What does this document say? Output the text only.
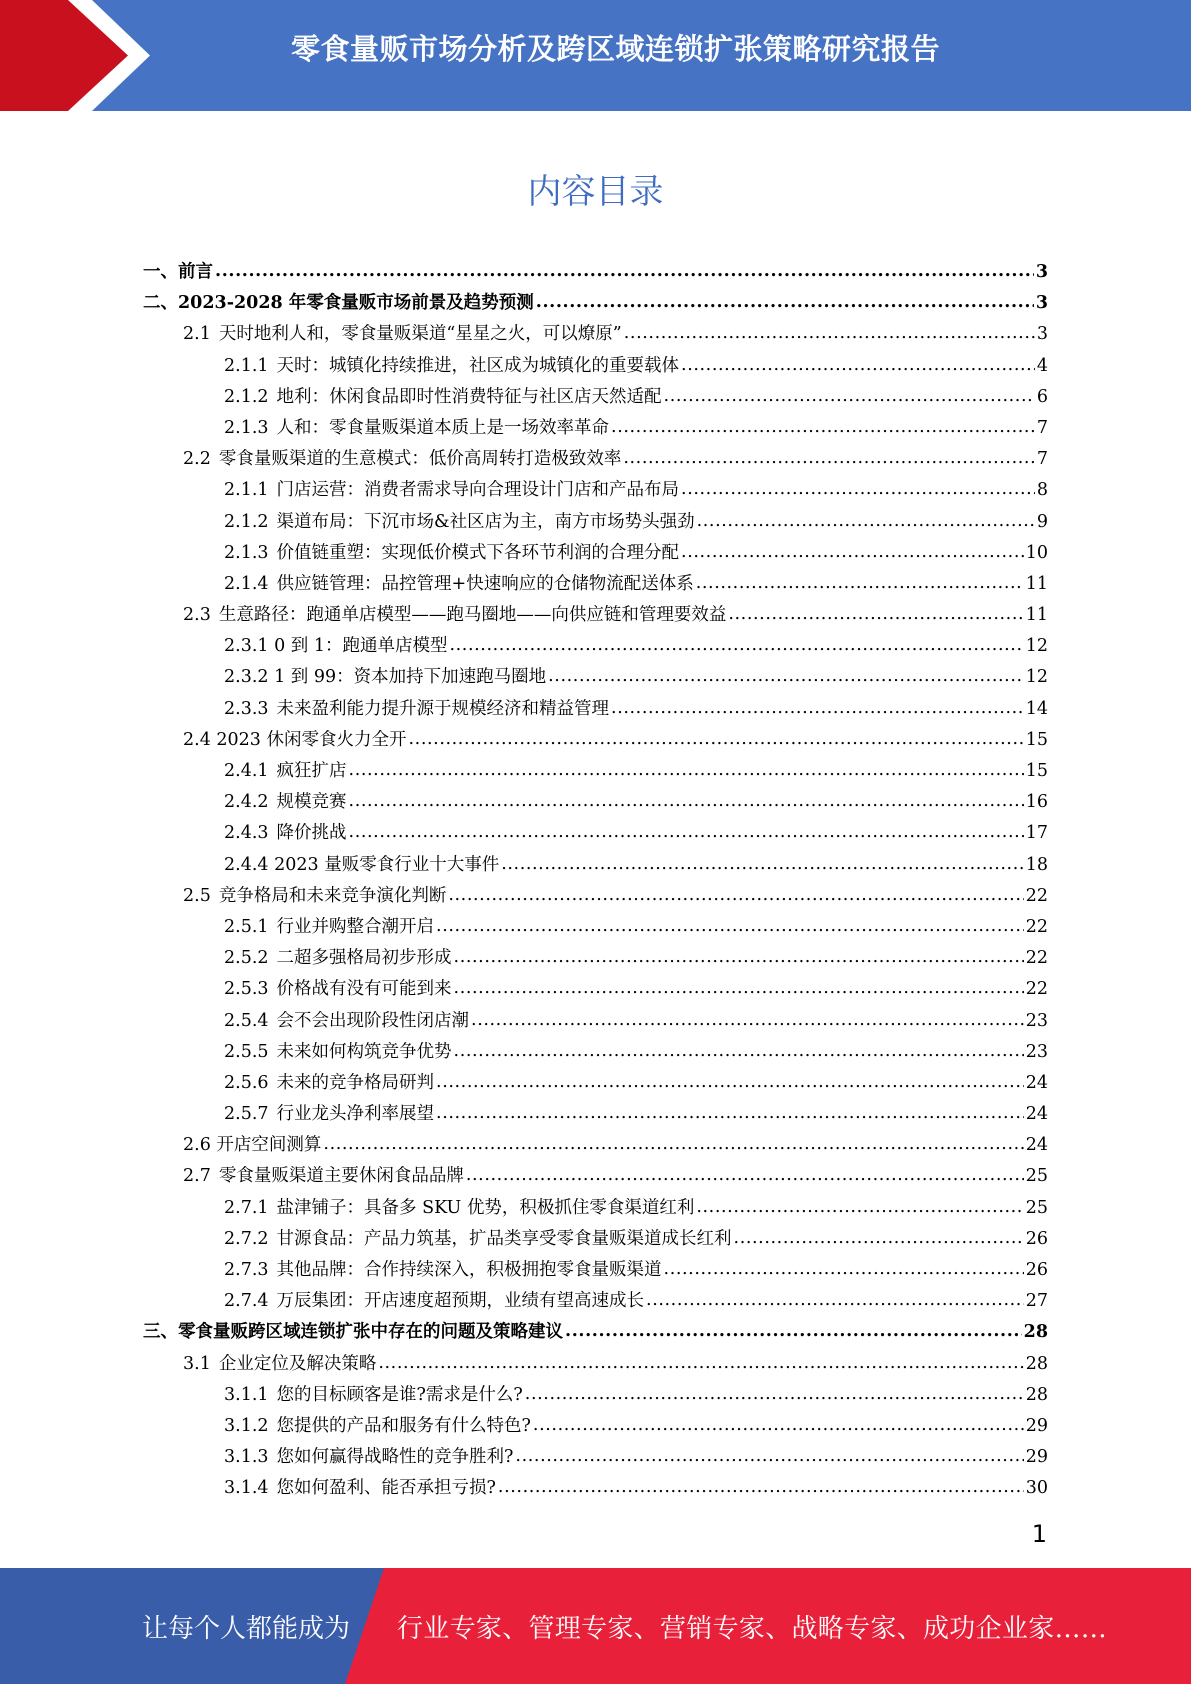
零食量贩市场分析及跨区域连锁扩张策略研究报告
内容目录
一、前言 .....	3
二、2023-2028 年零食量贩市场前景及趋势预测 .....	3
2.1 天时地利人和，零食量贩渠道“星星之火，可以燎原” .....	3
2.1.1 天时：城镇化持续推进，社区成为城镇化的重要载体 .....	4
2.1.2 地利：休闲食品即时性消费特征与社区店天然适配 .....	6
2.1.3 人和：零食量贩渠道本质上是一场效率革命 .....	7
2.2 零食量贩渠道的生意模式：低价高周转打造极致效率 .....	7
2.1.1 门店运营：消费者需求导向合理设计门店和产品布局 .....	8
2.1.2 渠道布局：下沉市场&社区店为主，南方市场势头强劲 .....	9
2.1.3 价值链重塑：实现低价模式下各环节利润的合理分配 .....	10
2.1.4 供应链管理：品控管理+快速响应的仓储物流配送体系 .....	11
2.3 生意路径：跑通单店模型——跑马圈地——向供应链和管理要效益 .....	11
2.3.1 0 到 1：跑通单店模型 .....	12
2.3.2 1 到 99：资本加持下加速跑马圈地 .....	12
2.3.3 未来盈利能力提升源于规模经济和精益管理 .....	14
2.4 2023 休闲零食火力全开 .....	15
2.4.1 疯狂扩店 .....	15
2.4.2 规模竞赛 .....	16
2.4.3 降价挑战 .....	17
2.4.4 2023 量贩零食行业十大事件 .....	18
2.5 竞争格局和未来竞争演化判断 .....	22
2.5.1 行业并购整合潮开启 .....	22
2.5.2 二超多强格局初步形成 .....	22
2.5.3 价格战有没有可能到来 .....	22
2.5.4 会不会出现阶段性闭店潮 .....	23
2.5.5 未来如何构筑竞争优势 .....	23
2.5.6 未来的竞争格局研判 .....	24
2.5.7 行业龙头净利率展望 .....	24
2.6 开店空间测算 .....	24
2.7 零食量贩渠道主要休闲食品品牌 .....	25
2.7.1 盐津铺子：具备多 SKU 优势，积极抓住零食渠道红利 .....	25
2.7.2 甘源食品：产品力筑基，扩品类享受零食量贩渠道成长红利 .....	26
2.7.3 其他品牌：合作持续深入，积极拥抱零食量贩渠道 .....	26
2.7.4 万辰集团：开店速度超预期，业绩有望高速成长 .....	27
三、零食量贩跨区域连锁扩张中存在的问题及策略建议 .....	28
3.1 企业定位及解决策略 .....	28
3.1.1 您的目标顾客是谁?需求是什么? .....	28
3.1.2 您提供的产品和服务有什么特色? .....	29
3.1.3 您如何赢得战略性的竞争胜利? .....	29
3.1.4 您如何盈利、能否承担亏损? .....	30
1
让每个人都能成为 行业专家、管理专家、营销专家、战略专家、成功企业家……
